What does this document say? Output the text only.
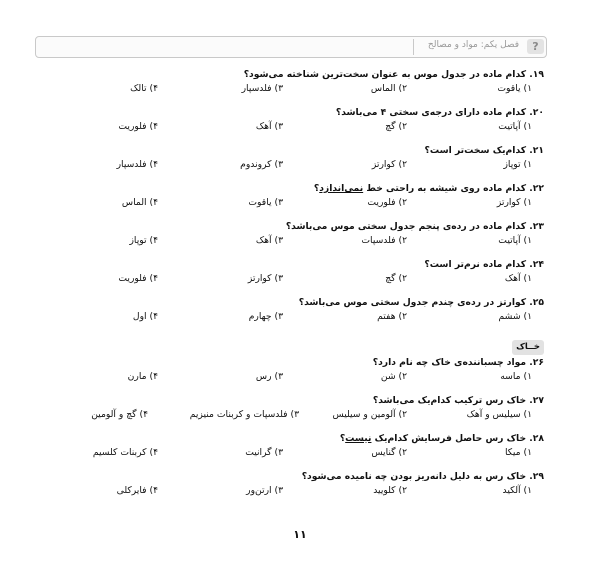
?
فصل یکم: مواد و مصالح
۱۹. کدام ماده در جدول موس به عنوان سخت‌ترین شناخته می‌شود؟
۱) یاقوت
۲) الماس
۳) فلدسپار
۴) تالک
۲۰. کدام ماده دارای درجه‌ی سختی ۴ می‌باشد؟
۱) آپاتیت
۲) گچ
۳) آهک
۴) فلوریت
۲۱. کدام‌یک سخت‌تر است؟
۱) توپاز
۲) کوارتز
۳) کروندوم
۴) فلدسپار
۲۲. کدام ماده روی شیشه به راحتی خط نمی‌اندازد؟
۱) کوارتز
۲) فلوریت
۳) یاقوت
۴) الماس
۲۳. کدام ماده در رده‌ی پنجم جدول سختی موس می‌باشد؟
۱) آپاتیت
۲) فلدسپات
۳) آهک
۴) توپاز
۲۴. کدام ماده نرم‌تر است؟
۱) آهک
۲) گچ
۳) کوارتز
۴) فلوریت
۲۵. کوارتز در رده‌ی چندم جدول سختی موس می‌باشد؟
۱) ششم
۲) هفتم
۳) چهارم
۴) اول
خــاک
۲۶. مواد چسباننده‌ی خاک چه نام دارد؟
۱) ماسه
۲) شن
۳) رس
۴) مارن
۲۷. خاک رس ترکیب کدام‌یک می‌باشد؟
۱) سیلیس و آهک
۲) آلومین و سیلیس
۳) فلدسپات و کربنات منیزیم
۴) گچ و آلومین
۲۸. خاک رس حاصل فرسایش کدام‌یک نیست؟
۱) میکا
۲) گنایس
۳) گرانیت
۴) کربنات کلسیم
۲۹. خاک رس به دلیل دانه‌ریز بودن چه نامیده می‌شود؟
۱) آلکید
۲) کلویید
۳) ارتن‌ور
۴) فایرکلی
۱۱
